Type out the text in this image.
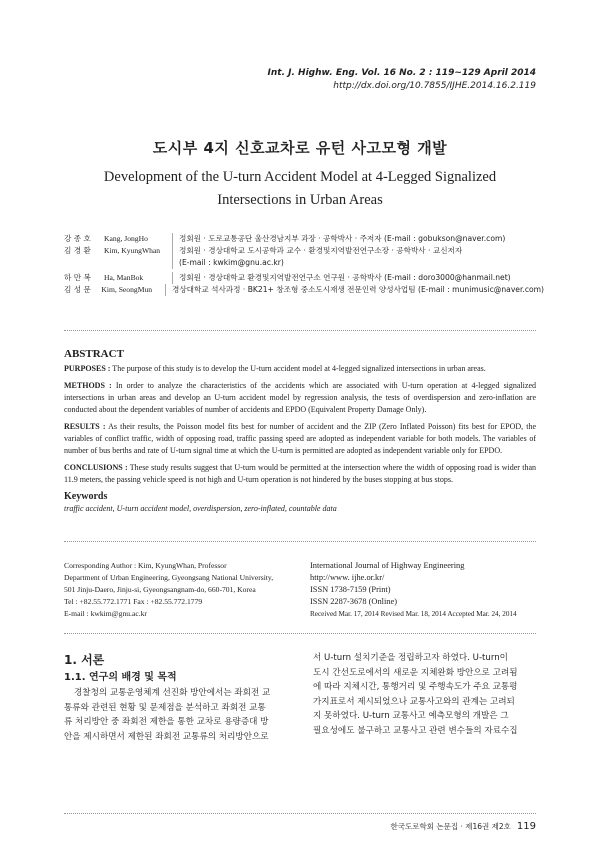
Int. J. Highw. Eng. Vol. 16 No. 2 : 119~129 April 2014
http://dx.doi.org/10.7855/IJHE.2014.16.2.119
도시부 4지 신호교차로 유턴 사고모형 개발
Development of the U-turn Accident Model at 4-Legged Signalized
Intersections in Urban Areas
강 종 호	Kang, JongHo	정회원 · 도로교통공단 울산경남지부 과장 · 공학박사 · 주저자 (E-mail : gobukson@naver.com)
김 경 환	Kim, KyungWhan	정회원 · 경상대학교 도시공학과 교수 · 환경및지역발전연구소장 · 공학박사 · 교신저자
(E-mail : kwkim@gnu.ac.kr)
하 만 복	Ha, ManBok	정회원 · 경상대학교 환경및지역발전연구소 연구원 · 공학박사 (E-mail : doro3000@hanmail.net)
김 성 문	Kim, SeongMun	경상대학교 석사과정 · BK21+ 창조형 중소도시재생 전문인력 양성사업팀 (E-mail : munimusic@naver.com)
ABSTRACT

PURPOSES : The purpose of this study is to develop the U-turn accident model at 4-legged signalized intersections in urban areas.

METHODS : In order to analyze the characteristics of the accidents which are associated with U-turn operation at 4-legged signalized intersections in urban areas and develop an U-turn accident model by regression analysis, the tests of overdispersion and zero-inflation are conducted about the dependent variables of number of accidents and EPDO (Equivalent Property Damage Only).

RESULTS : As their results, the Poisson model fits best for number of accident and the ZIP (Zero Inflated Poisson) fits best for EPOD, the variables of conflict traffic, width of opposing road, traffic passing speed are adopted as independent variable for both models. The variables of number of bus berths and rate of U-turn signal time at which the U-turn is permitted are adopted as independent variable only for EPDO.

CONCLUSIONS : These study results suggest that U-turn would be permitted at the intersection where the width of opposing road is wider than 11.9 meters, the passing vehicle speed is not high and U-turn operation is not hindered by the buses stopping at bus stops.

Keywords
traffic accident, U-turn accident model, overdispersion, zero-inflated, countable data
Corresponding Author : Kim, KyungWhan, Professor
Department of Urban Engineering, Gyeongsang National University,
501 Jinju-Daero, Jinju-si, Gyeongsangnam-do, 660-701, Korea
Tel : +82.55.772.1771 Fax : +82.55.772.1779
E-mail : kwkim@gnu.ac.kr
International Journal of Highway Engineering
http://www. ijhe.or.kr/
ISSN 1738-7159 (Print)
ISSN 2287-3678 (Online)
Received Mar. 17, 2014 Revised Mar. 18, 2014 Accepted Mar. 24, 2014
1. 서론
1.1. 연구의 배경 및 목적
경찰청의 교통운영체계 선진화 방안에서는 좌회전 교
통류와 관련된 현황 및 문제점을 분석하고 좌회전 교통
류 처리방안 중 좌회전 제한을 통한 교차로 용량증대 방
안을 제시하면서 제한된 좌회전 교통류의 처리방안으로
서 U-turn 설치기준을 정립하고자 하였다. U-turn이
도시 간선도로에서의 새로운 지체완화 방안으로 고려됨
에 따라 지체시간, 통행거리 및 주행속도가 주요 교통평
가지표로서 제시되었으나 교통사고와의 관계는 고려되
지 못하였다. U-turn 교통사고 예측모형의 개발은 그
필요성에도 불구하고 교통사고 관련 변수들의 자료수집
한국도로학회 논문집 · 제16권 제2호 119
